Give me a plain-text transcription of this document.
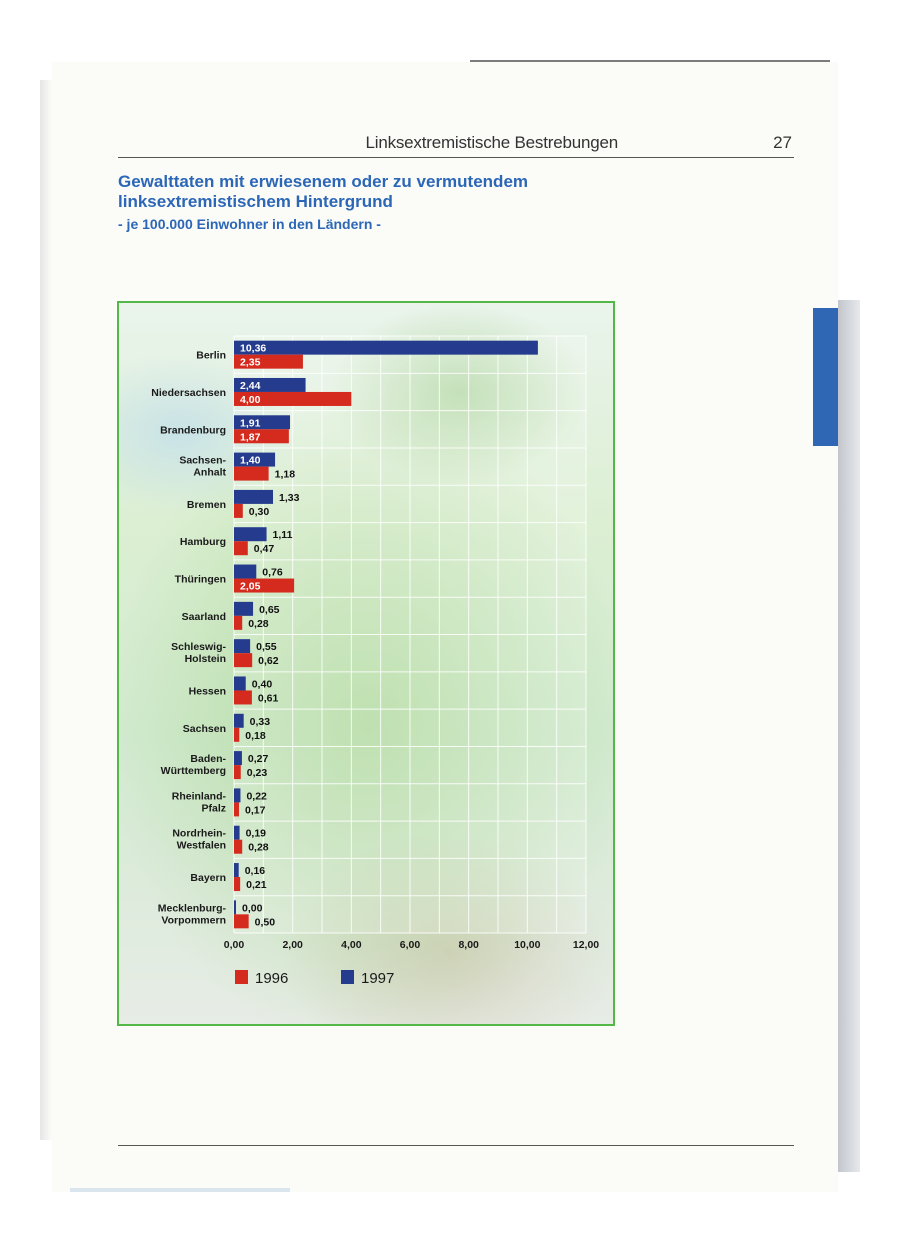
Linksextremistische Bestrebungen	27
Gewalttaten mit erwiesenem oder zu vermutendem
linksextremistischem Hintergrund
- je 100.000 Einwohner in den Ländern -
Berlin
10,36
2,35
Niedersachsen
2,44
4,00
Brandenburg
1,91
1,87
Sachsen-Anhalt
1,40
1,18
Bremen
1,33
0,30
Hamburg
1,11
0,47
Thüringen
0,76
2,05
Saarland
0,65
0,28
Schleswig-Holstein
0,55
0,62
Hessen
0,40
0,61
Sachsen
0,33
0,18
Baden-Württemberg
0,27
0,23
Rheinland-Pfalz
0,22
0,17
Nordrhein-Westfalen
0,19
0,28
Bayern
0,16
0,21
Mecklenburg-Vorpommern
0,00
0,50
0,00	2,00	4,00	6,00	8,00	10,00	12,00
1996	1997
